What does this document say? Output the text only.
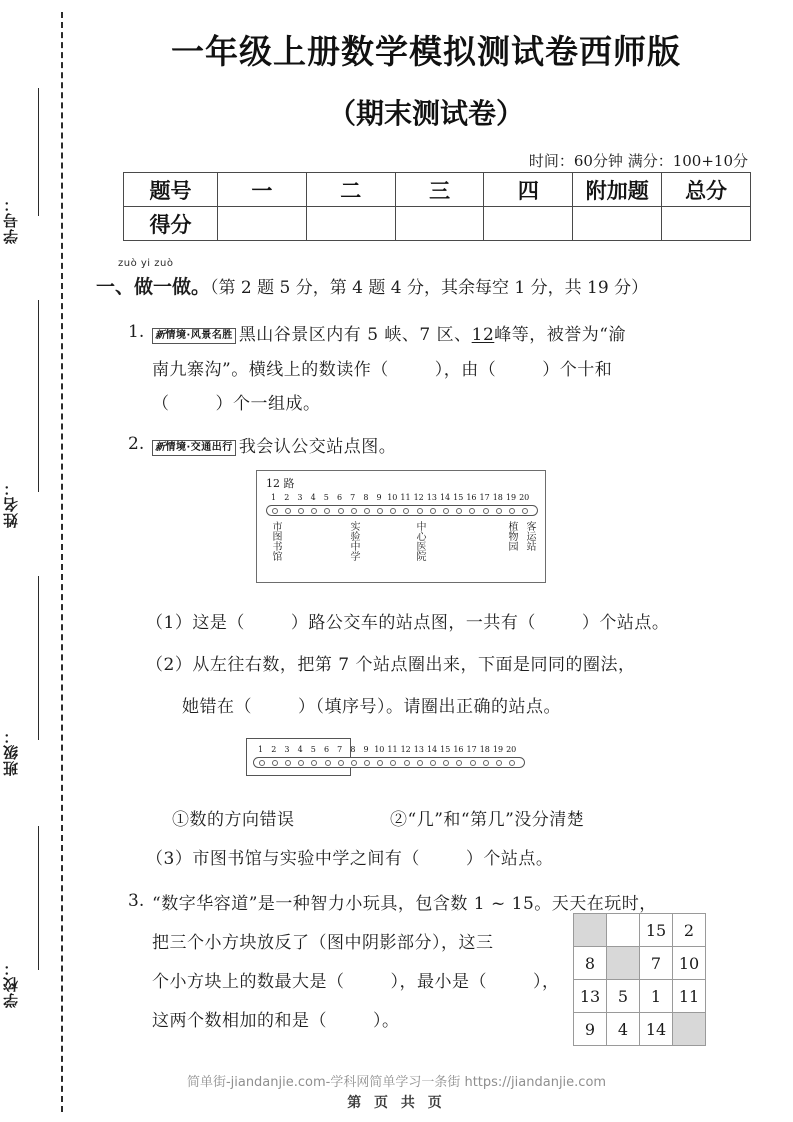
学号：
姓名：
班级：
学校：
一年级上册数学模拟测试卷西师版
（期末测试卷）
时间：60分钟 满分：100+10分
题号	一	二	三	四	附加题	总分
得分						
zuò yi zuò
一、做一做。（第 2 题 5 分，第 4 题 4 分，其余每空 1 分，共 19 分）
1.	新情境·风景名胜 黑山谷景区内有 5 峡、7 区、12峰等，被誉为“渝
南九寨沟”。横线上的数读作（	），由（	）个十和
（	）个一组成。
2.	新情境·交通出行 我会认公交站点图。
12 路
1	2	3	4	5	6	7	8	9 10 11 12 13 14 15 16 17 18 19 20
市图书馆	实验中学	中心医院	植物园 客运站
（1）这是（	）路公交车的站点图，一共有（	）个站点。
（2）从左往右数，把第 7 个站点圈出来，下面是同同的圈法，
她错在（	）（填序号）。请圈出正确的站点。
1	2	3	4	5	6	7	8	9 10 11 12 13 14 15 16 17 18 19 20
①数的方向错误	②“几”和“第几”没分清楚
（3）市图书馆与实验中学之间有（	）个站点。
3. “数字华容道”是一种智力小玩具，包含数 1 ~ 15。天天在玩时，
把三个小方块放反了（图中阴影部分），这三
个小方块上的数最大是（	），最小是（	），
这两个数相加的和是（	）。
		15	2
8		7	10
13	5	1	11
9	4	14	
简单街-jiandanjie.com-学科网简单学习一条街 https://jiandanjie.com
第 页 共 页
